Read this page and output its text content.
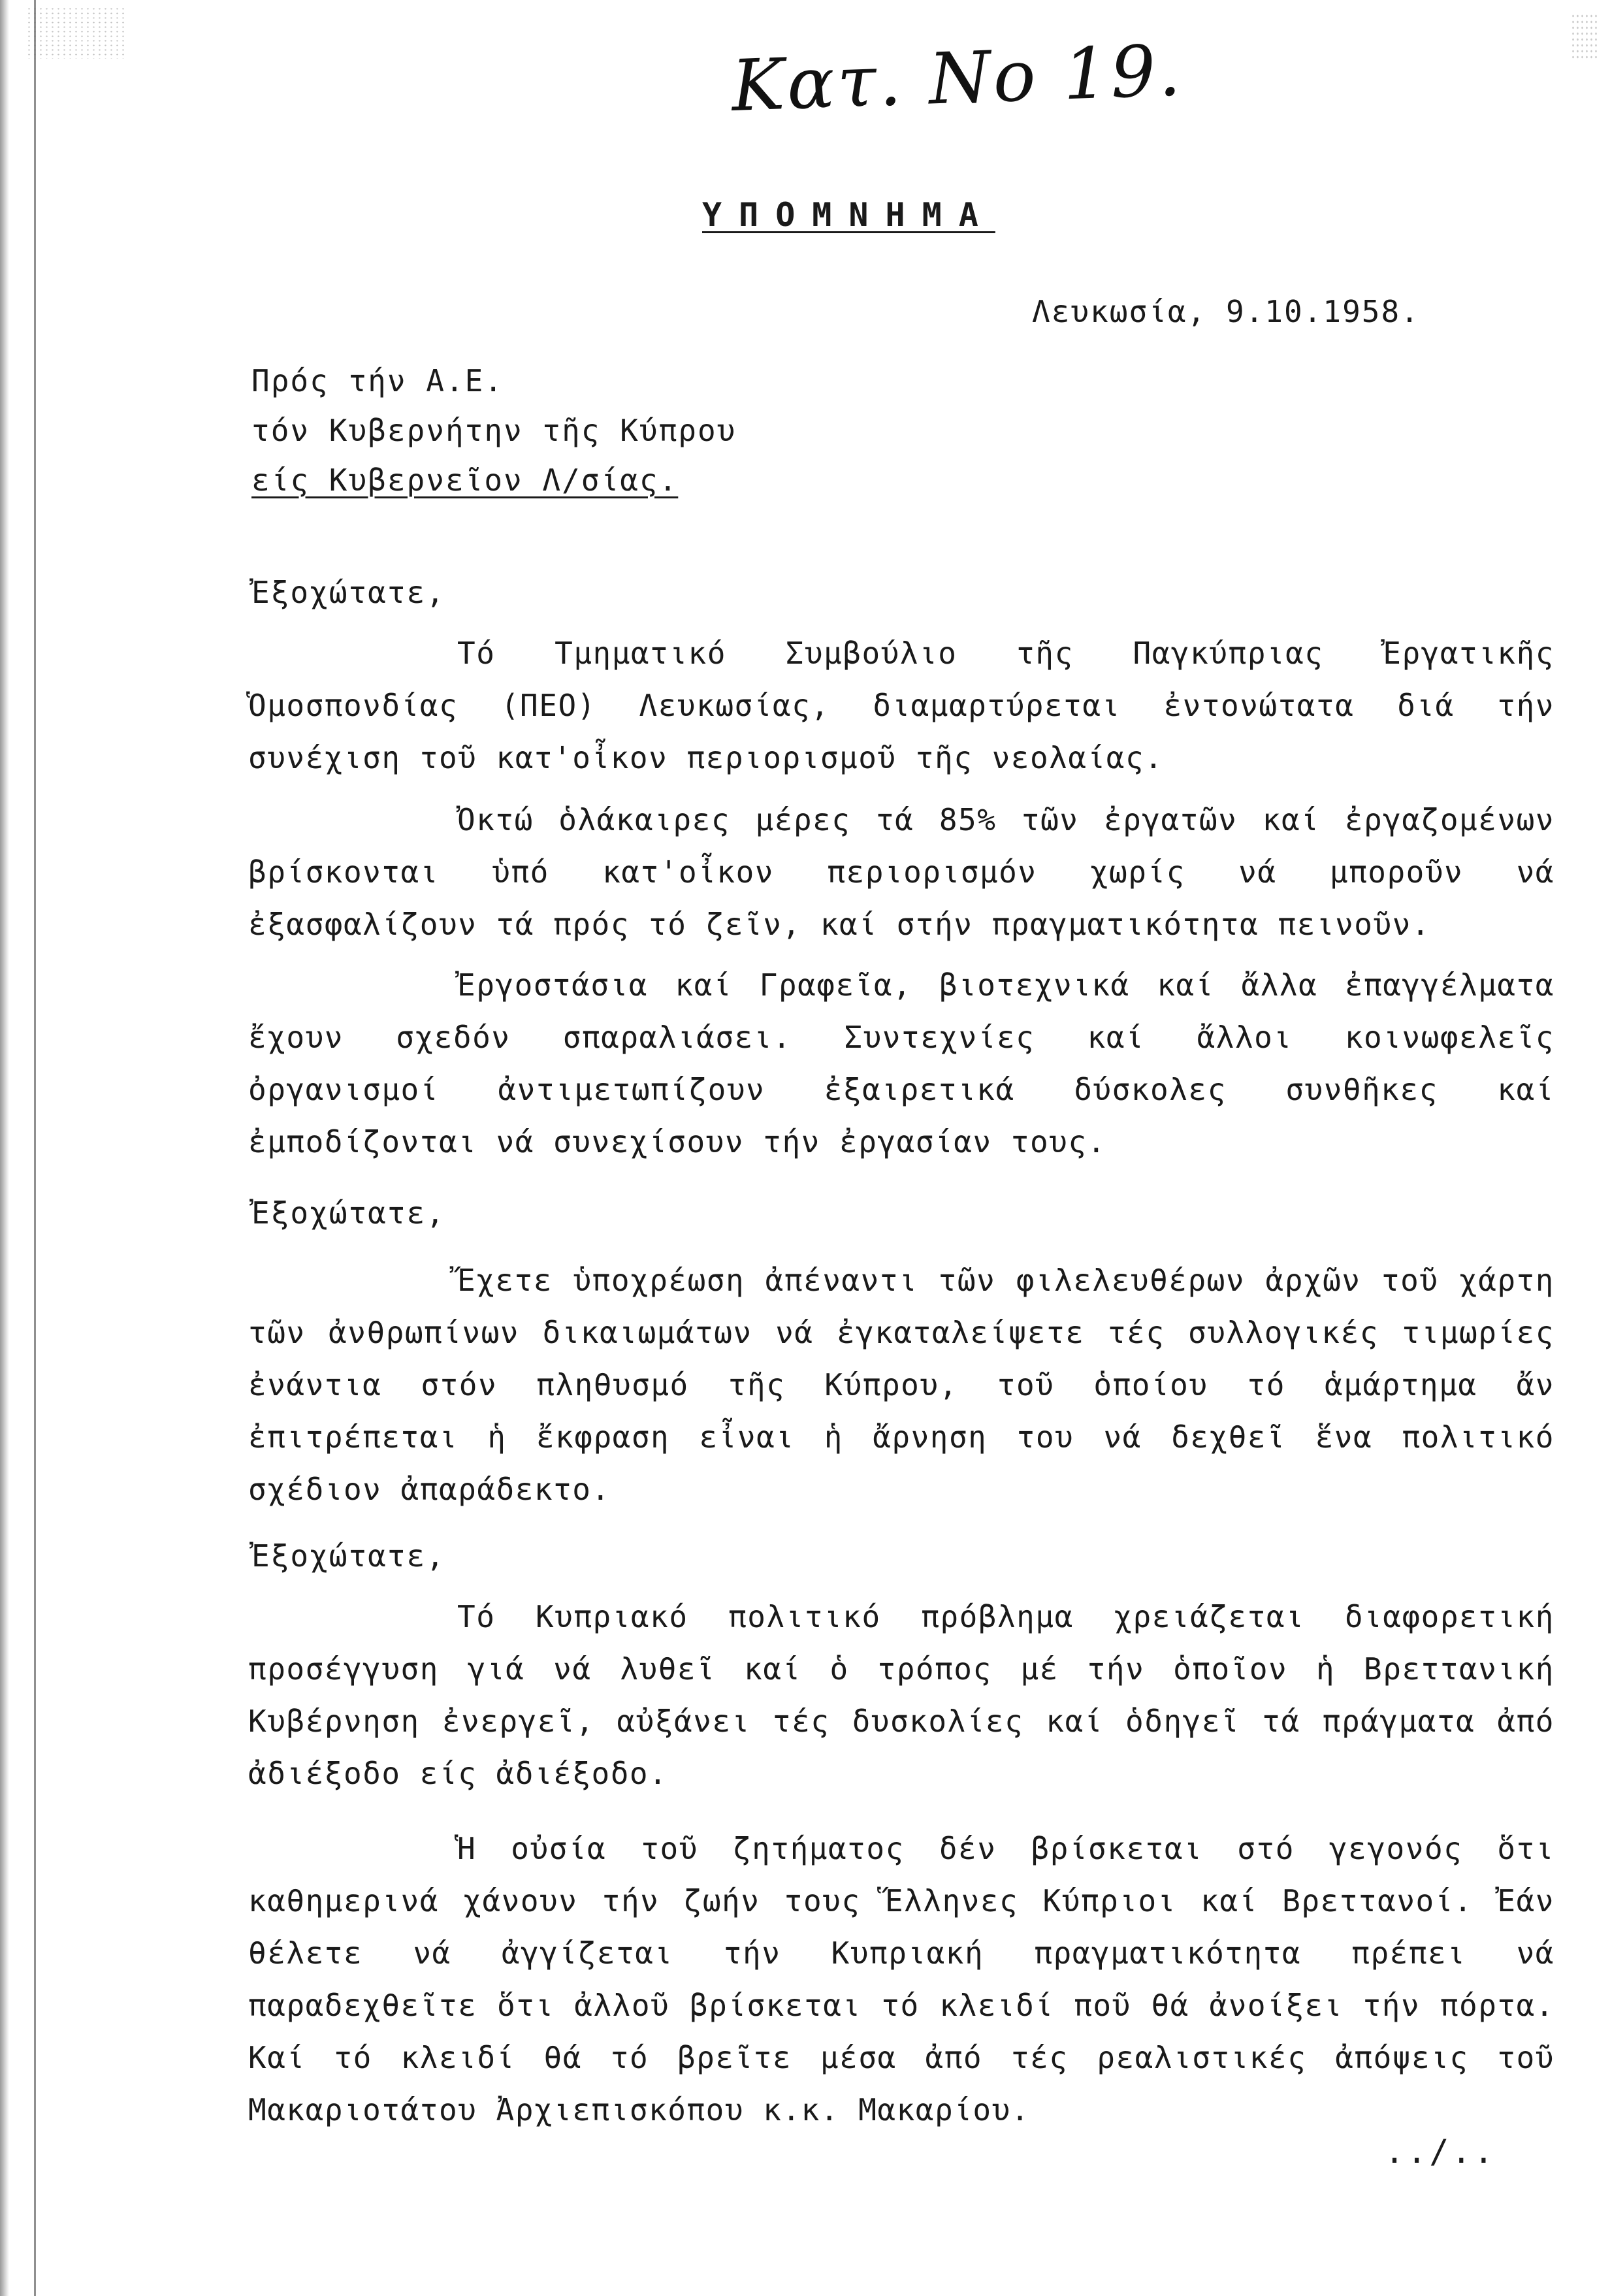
Κατ. Νο 19.
ΥΠΟΜΝΗΜΑ
Λευκωσία, 9.10.1958.
Πρός τήν Α.Ε.
τόν Κυβερνήτην τῆς Κύπρου
είς Κυβερνεῖον Λ/σίας.
Ἐξοχώτατε,
Τό Τμηματικό Συμβούλιο τῆς Παγκύπριας Ἐργατικῆς Ὁμοσπονδίας (ΠΕΟ) Λευκωσίας, διαμαρτύρεται ἐντονώτατα διά τήν συνέχιση τοῦ κατ'οἶκον περιορισμοῦ τῆς νεολαίας.
Ὀκτώ ὁλάκαιρες μέρες τά 85% τῶν ἐργατῶν καί ἐργαζομένων βρίσκονται ὑπό κατ'οἶκον περιορισμόν χωρίς νά μποροῦν νά ἐξασφαλίζουν τά πρός τό ζεῖν, καί στήν πραγματικότητα πεινοῦν.
Ἐργοστάσια καί Γραφεῖα, βιοτεχνικά καί ἄλλα ἐπαγγέλματα ἔχουν σχεδόν σπαραλιάσει. Συντεχνίες καί ἄλλοι κοινωφελεῖς ὀργανισμοί ἀντιμετωπίζουν ἐξαιρετικά δύσκολες συνθῆκες καί ἐμποδίζονται νά συνεχίσουν τήν ἐργασίαν τους.
Ἐξοχώτατε,
Ἔχετε ὑποχρέωση ἀπέναντι τῶν φιλελευθέρων ἀρχῶν τοῦ χάρτη τῶν ἀνθρωπίνων δικαιωμάτων νά ἐγκαταλείψετε τές συλλογικές τιμωρίες ἐνάντια στόν πληθυσμό τῆς Κύπρου, τοῦ ὁποίου τό ἁμάρτημα ἄν ἐπιτρέπεται ἡ ἔκφραση εἶναι ἡ ἄρνηση του νά δεχθεῖ ἕνα πολιτικό σχέδιον ἀπαράδεκτο.
Ἐξοχώτατε,
Τό Κυπριακό πολιτικό πρόβλημα χρειάζεται διαφορετική προσέγγυση γιά νά λυθεῖ καί ὁ τρόπος μέ τήν ὁποῖον ἡ Βρεττανική Κυβέρνηση ἐνεργεῖ, αὐξάνει τές δυσκολίες καί ὁδηγεῖ τά πράγματα ἀπό ἀδιέξοδο είς ἀδιέξοδο.
Ἡ οὐσία τοῦ ζητήματος δέν βρίσκεται στό γεγονός ὅτι καθημερινά χάνουν τήν ζωήν τους Ἕλληνες Κύπριοι καί Βρεττανοί. Ἐάν θέλετε νά ἀγγίζεται τήν Κυπριακή πραγματικότητα πρέπει νά παραδεχθεῖτε ὅτι ἀλλοῦ βρίσκεται τό κλειδί ποῦ θά ἀνοίξει τήν πόρτα. Καί τό κλειδί θά τό βρεῖτε μέσα ἀπό τές ρεαλιστικές ἀπόψεις τοῦ Μακαριοτάτου Ἀρχιεπισκόπου κ.κ. Μακαρίου.
../..
